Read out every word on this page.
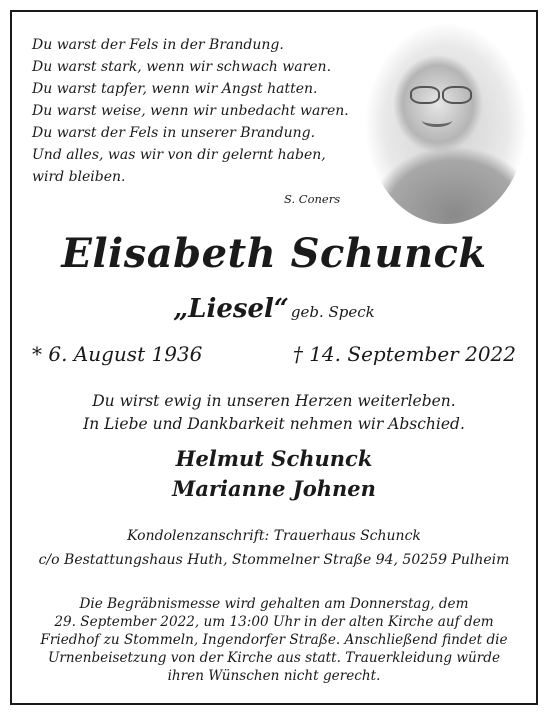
Du warst der Fels in der Brandung.
Du warst stark, wenn wir schwach waren.
Du warst tapfer, wenn wir Angst hatten.
Du warst weise, wenn wir unbedacht waren.
Du warst der Fels in unserer Brandung.
Und alles, was wir von dir gelernt haben,
wird bleiben.
S. Coners
Elisabeth Schunck
„Liesel“ geb. Speck
* 6. August 1936	† 14. September 2022
Du wirst ewig in unseren Herzen weiterleben.
In Liebe und Dankbarkeit nehmen wir Abschied.
Helmut Schunck
Marianne Johnen
Kondolenzanschrift: Trauerhaus Schunck
c/o Bestattungshaus Huth, Stommelner Straße 94, 50259 Pulheim
Die Begräbnismesse wird gehalten am Donnerstag, dem
29. September 2022, um 13:00 Uhr in der alten Kirche auf dem
Friedhof zu Stommeln, Ingendorfer Straße. Anschließend findet die
Urnenbeisetzung von der Kirche aus statt. Trauerkleidung würde
ihren Wünschen nicht gerecht.
